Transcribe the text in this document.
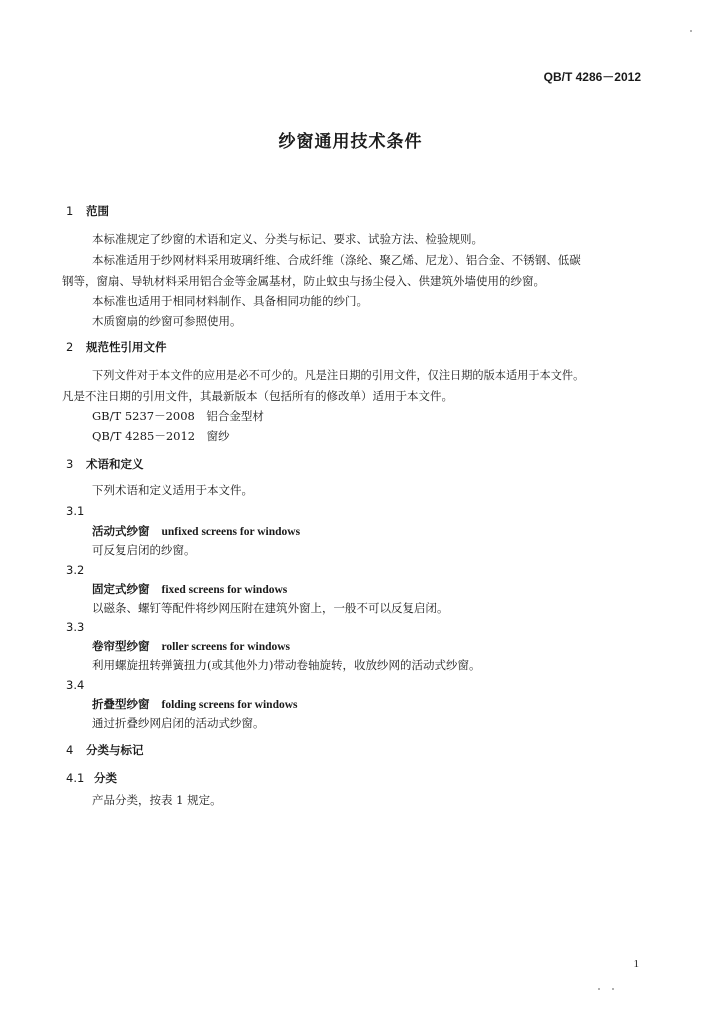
QB/T 4286－2012
纱窗通用技术条件
1 范围
本标准规定了纱窗的术语和定义、分类与标记、要求、试验方法、检验规则。
本标准适用于纱网材料采用玻璃纤维、合成纤维（涤纶、聚乙烯、尼龙）、铝合金、不锈钢、低碳
钢等，窗扇、导轨材料采用铝合金等金属基材，防止蚊虫与扬尘侵入、供建筑外墙使用的纱窗。
本标准也适用于相同材料制作、具备相同功能的纱门。
木质窗扇的纱窗可参照使用。
2 规范性引用文件
下列文件对于本文件的应用是必不可少的。凡是注日期的引用文件，仅注日期的版本适用于本文件。
凡是不注日期的引用文件，其最新版本（包括所有的修改单）适用于本文件。
GB/T 5237－2008　铝合金型材
QB/T 4285－2012　窗纱
3 术语和定义
下列术语和定义适用于本文件。
3.1
活动式纱窗 unfixed screens for windows
可反复启闭的纱窗。
3.2
固定式纱窗 fixed screens for windows
以磁条、螺钉等配件将纱网压附在建筑外窗上，一般不可以反复启闭。
3.3
卷帘型纱窗 roller screens for windows
利用螺旋扭转弹簧扭力(或其他外力)带动卷轴旋转，收放纱网的活动式纱窗。
3.4
折叠型纱窗 folding screens for windows
通过折叠纱网启闭的活动式纱窗。
4 分类与标记
4.1 分类
产品分类，按表 1 规定。
1
